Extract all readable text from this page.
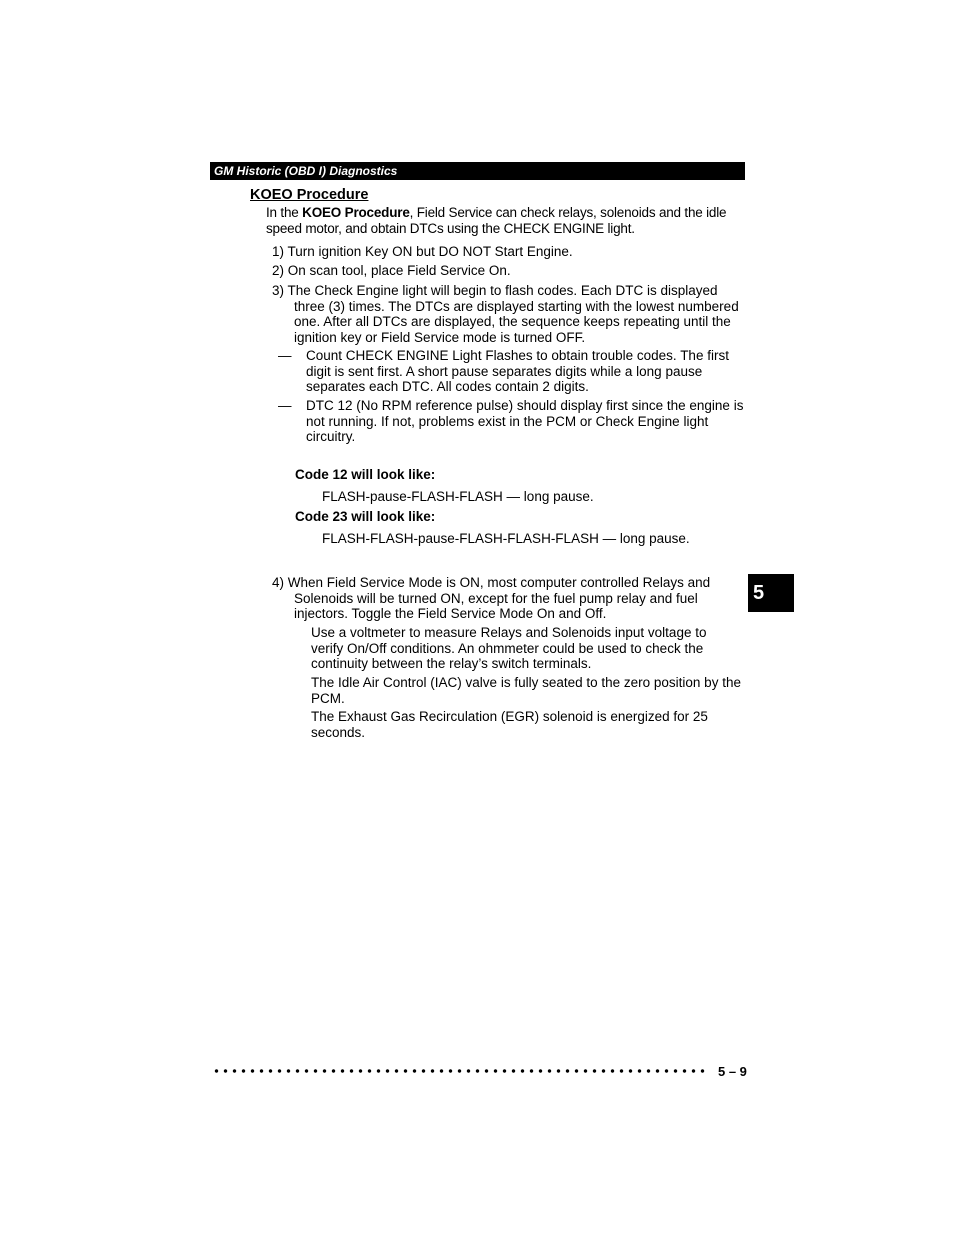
GM Historic (OBD I) Diagnostics
KOEO Procedure
In the KOEO Procedure, Field Service can check relays, solenoids and the idle speed motor, and obtain DTCs using the CHECK ENGINE light.
1) Turn ignition Key ON but DO NOT Start Engine.
2) On scan tool, place Field Service On.
3) The Check Engine light will begin to flash codes. Each DTC is displayed three (3) times. The DTCs are displayed starting with the lowest numbered one. After all DTCs are displayed, the sequence keeps repeating until the ignition key or Field Service mode is turned OFF.
— Count CHECK ENGINE Light Flashes to obtain trouble codes. The first digit is sent first. A short pause separates digits while a long pause separates each DTC. All codes contain 2 digits.
— DTC 12 (No RPM reference pulse) should display first since the engine is not running. If not, problems exist in the PCM or Check Engine light circuitry.
Code 12 will look like:
FLASH-pause-FLASH-FLASH — long pause.
Code 23 will look like:
FLASH-FLASH-pause-FLASH-FLASH-FLASH — long pause.
4) When Field Service Mode is ON, most computer controlled Relays and Solenoids will be turned ON, except for the fuel pump relay and fuel injectors. Toggle the Field Service Mode On and Off.
Use a voltmeter to measure Relays and Solenoids input voltage to verify On/Off conditions. An ohmmeter could be used to check the continuity between the relay’s switch terminals.
The Idle Air Control (IAC) valve is fully seated to the zero position by the PCM.
The Exhaust Gas Recirculation (EGR) solenoid is energized for 25 seconds.
5
5 – 9
